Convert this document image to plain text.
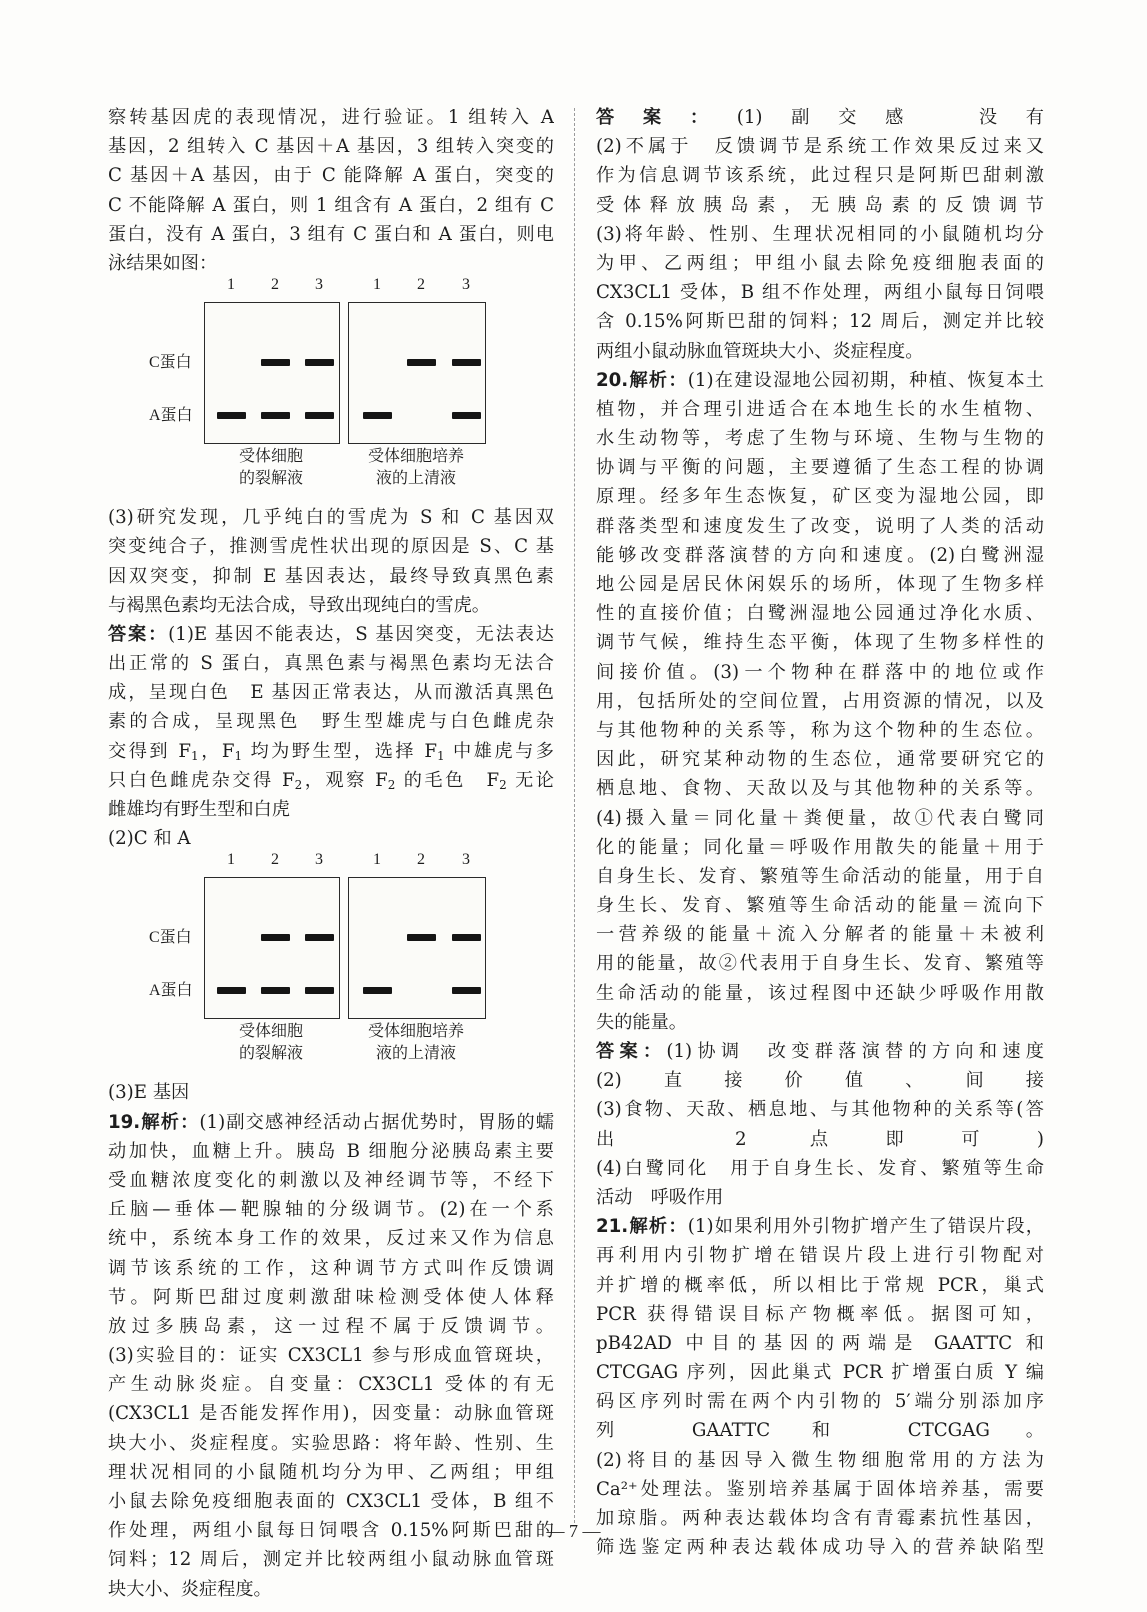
察转基因虎的表现情况，进行验证。1 组转入 A

基因，2 组转入 C 基因＋A 基因，3 组转入突变的

C 基因＋A 基因，由于 C 能降解 A 蛋白，突变的

C 不能降解 A 蛋白，则 1 组含有 A 蛋白，2 组有 C

蛋白，没有 A 蛋白，3 组有 C 蛋白和 A 蛋白，则电

泳结果如图：

1 2 3	1 2 3
C蛋白
A蛋白
受体细胞
的裂解液
受体细胞培养
液的上清液

(3)研究发现，几乎纯白的雪虎为 S 和 C 基因双

突变纯合子，推测雪虎性状出现的原因是 S、C 基

因双突变，抑制 E 基因表达，最终导致真黑色素

与褐黑色素均无法合成，导致出现纯白的雪虎。

答案：(1)E 基因不能表达，S 基因突变，无法表达

出正常的 S 蛋白，真黑色素与褐黑色素均无法合

成，呈现白色　E 基因正常表达，从而激活真黑色

素的合成，呈现黑色　野生型雄虎与白色雌虎杂

交得到 $F_1$，$F_1$ 均为野生型，选择 $F_1$ 中雄虎与多

只白色雌虎杂交得 $F_2$，观察 $F_2$ 的毛色　$F_2$ 无论

雌雄均有野生型和白虎

(2)C 和 A

1 2 3	1 2 3
C蛋白
A蛋白
受体细胞
的裂解液
受体细胞培养
液的上清液

(3)E 基因

19.解析：(1)副交感神经活动占据优势时，胃肠的蠕

动加快，血糖上升。胰岛 B 细胞分泌胰岛素主要

受血糖浓度变化的刺激以及神经调节等，不经下

丘脑—垂体—靶腺轴的分级调节。(2)在一个系

统中，系统本身工作的效果，反过来又作为信息

调节该系统的工作，这种调节方式叫作反馈调

节。阿斯巴甜过度刺激甜味检测受体使人体释

放过多胰岛素，这一过程不属于反馈调节。

(3)实验目的：证实 CX3CL1 参与形成血管斑块，

产生动脉炎症。自变量：CX3CL1 受体的有无

(CX3CL1 是否能发挥作用)，因变量：动脉血管斑

块大小、炎症程度。实验思路：将年龄、性别、生

理状况相同的小鼠随机均分为甲、乙两组；甲组

小鼠去除免疫细胞表面的 CX3CL1 受体，B 组不

作处理，两组小鼠每日饲喂含 0.15%阿斯巴甜的

饲料；12 周后，测定并比较两组小鼠动脉血管斑

块大小、炎症程度。

答案：(1)副交感　没有

(2)不属于　反馈调节是系统工作效果反过来又

作为信息调节该系统，此过程只是阿斯巴甜刺激

受体释放胰岛素，无胰岛素的反馈调节

(3)将年龄、性别、生理状况相同的小鼠随机均分

为甲、乙两组；甲组小鼠去除免疫细胞表面的

CX3CL1 受体，B 组不作处理，两组小鼠每日饲喂

含 0.15%阿斯巴甜的饲料；12 周后，测定并比较

两组小鼠动脉血管斑块大小、炎症程度。

20.解析：(1)在建设湿地公园初期，种植、恢复本土

植物，并合理引进适合在本地生长的水生植物、

水生动物等，考虑了生物与环境、生物与生物的

协调与平衡的问题，主要遵循了生态工程的协调

原理。经多年生态恢复，矿区变为湿地公园，即

群落类型和速度发生了改变，说明了人类的活动

能够改变群落演替的方向和速度。(2)白鹭洲湿

地公园是居民休闲娱乐的场所，体现了生物多样

性的直接价值；白鹭洲湿地公园通过净化水质、

调节气候，维持生态平衡，体现了生物多样性的

间接价值。(3)一个物种在群落中的地位或作

用，包括所处的空间位置，占用资源的情况，以及

与其他物种的关系等，称为这个物种的生态位。

因此，研究某种动物的生态位，通常要研究它的

栖息地、食物、天敌以及与其他物种的关系等。

(4)摄入量＝同化量＋粪便量，故①代表白鹭同

化的能量；同化量＝呼吸作用散失的能量＋用于

自身生长、发育、繁殖等生命活动的能量，用于自

身生长、发育、繁殖等生命活动的能量＝流向下

一营养级的能量＋流入分解者的能量＋未被利

用的能量，故②代表用于自身生长、发育、繁殖等

生命活动的能量，该过程图中还缺少呼吸作用散

失的能量。

答案：(1)协调　改变群落演替的方向和速度

(2)直接价值、间接

(3)食物、天敌、栖息地、与其他物种的关系等(答

出 2 点即可)

(4)白鹭同化　用于自身生长、发育、繁殖等生命

活动　呼吸作用

21.解析：(1)如果利用外引物扩增产生了错误片段，

再利用内引物扩增在错误片段上进行引物配对

并扩增的概率低，所以相比于常规 PCR，巢式

PCR 获得错误目标产物概率低。据图可知，

pB42AD 中目的基因的两端是 GAATTC 和

CTCGAG 序列，因此巢式 PCR 扩增蛋白质 Y 编

码区序列时需在两个内引物的 5′端分别添加序

列 GAATTC 和 CTCGAG。

(2)将目的基因导入微生物细胞常用的方法为

Ca²⁺处理法。鉴别培养基属于固体培养基，需要

加琼脂。两种表达载体均含有青霉素抗性基因，

筛选鉴定两种表达载体成功导入的营养缺陷型

— 7 —
